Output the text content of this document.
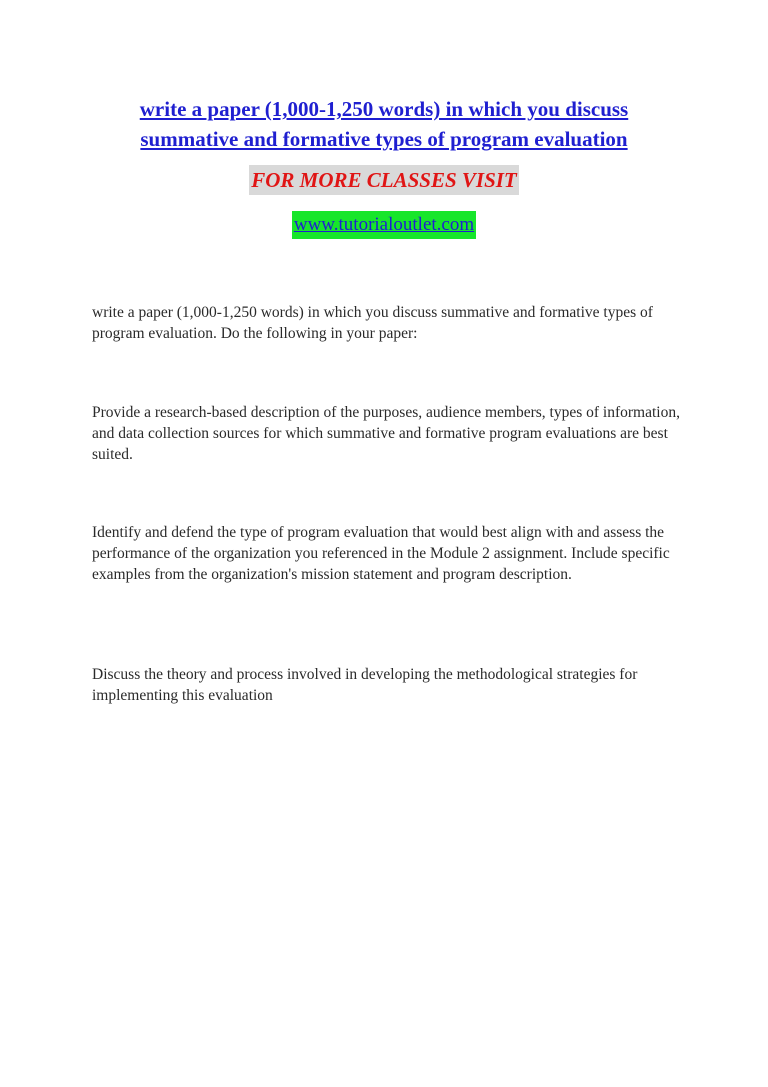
write a paper (1,000-1,250 words) in which you discuss
summative and formative types of program evaluation
FOR MORE CLASSES VISIT
www.tutorialoutlet.com

write a paper (1,000-1,250 words) in which you discuss summative and formative types of program evaluation. Do the following in your paper:

Provide a research-based description of the purposes, audience members, types of information, and data collection sources for which summative and formative program evaluations are best suited.

Identify and defend the type of program evaluation that would best align with and assess the performance of the organization you referenced in the Module 2 assignment. Include specific examples from the organization's mission statement and program description.

Discuss the theory and process involved in developing the methodological strategies for implementing this evaluation
